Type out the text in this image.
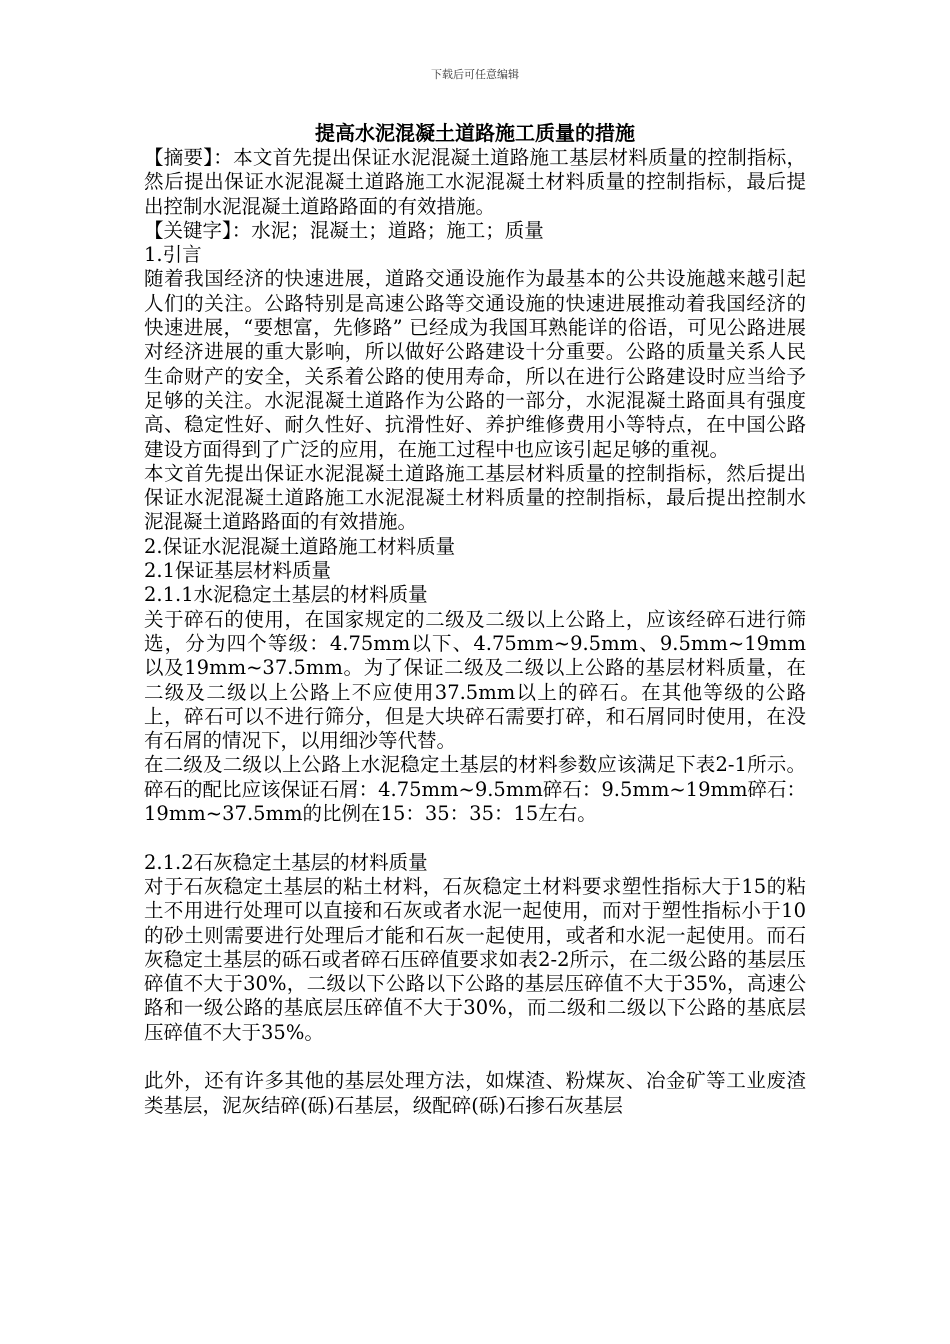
下载后可任意编辑
提高水泥混凝土道路施工质量的措施

【摘要】：本文首先提出保证水泥混凝土道路施工基层材料质量的控制指标，然后提出保证水泥混凝土道路施工水泥混凝土材料质量的控制指标，最后提出控制水泥混凝土道路路面的有效措施。

【关键字】：水泥；混凝土；道路；施工；质量

1.引言

随着我国经济的快速进展，道路交通设施作为最基本的公共设施越来越引起人们的关注。公路特别是高速公路等交通设施的快速进展推动着我国经济的快速进展，“要想富，先修路” 已经成为我国耳熟能详的俗语，可见公路进展对经济进展的重大影响，所以做好公路建设十分重要。公路的质量关系人民生命财产的安全，关系着公路的使用寿命，所以在进行公路建设时应当给予足够的关注。水泥混凝土道路作为公路的一部分，水泥混凝土路面具有强度高、稳定性好、耐久性好、抗滑性好、养护维修费用小等特点，在中国公路建设方面得到了广泛的应用，在施工过程中也应该引起足够的重视。

本文首先提出保证水泥混凝土道路施工基层材料质量的控制指标，然后提出保证水泥混凝土道路施工水泥混凝土材料质量的控制指标，最后提出控制水泥混凝土道路路面的有效措施。

2.保证水泥混凝土道路施工材料质量

2.1保证基层材料质量

2.1.1水泥稳定土基层的材料质量

关于碎石的使用，在国家规定的二级及二级以上公路上，应该经碎石进行筛选，分为四个等级：4.75mm以下、4.75mm~9.5mm、9.5mm~19mm以及19mm~37.5mm。为了保证二级及二级以上公路的基层材料质量，在二级及二级以上公路上不应使用37.5mm以上的碎石。在其他等级的公路上，碎石可以不进行筛分，但是大块碎石需要打碎，和石屑同时使用，在没有石屑的情况下，以用细沙等代替。

在二级及二级以上公路上水泥稳定土基层的材料参数应该满足下表2-1所示。碎石的配比应该保证石屑：4.75mm~9.5mm碎石：9.5mm~19mm碎石：19mm~37.5mm的比例在15：35：35：15左右。

2.1.2石灰稳定土基层的材料质量

对于石灰稳定土基层的粘土材料，石灰稳定土材料要求塑性指标大于15的粘土不用进行处理可以直接和石灰或者水泥一起使用，而对于塑性指标小于10的砂土则需要进行处理后才能和石灰一起使用，或者和水泥一起使用。而石灰稳定土基层的砾石或者碎石压碎值要求如表2-2所示，在二级公路的基层压碎值不大于30%，二级以下公路以下公路的基层压碎值不大于35%，高速公路和一级公路的基底层压碎值不大于30%，而二级和二级以下公路的基底层压碎值不大于35%。

此外，还有许多其他的基层处理方法，如煤渣、粉煤灰、冶金矿等工业废渣类基层，泥灰结碎(砾)石基层，级配碎(砾)石掺石灰基层
